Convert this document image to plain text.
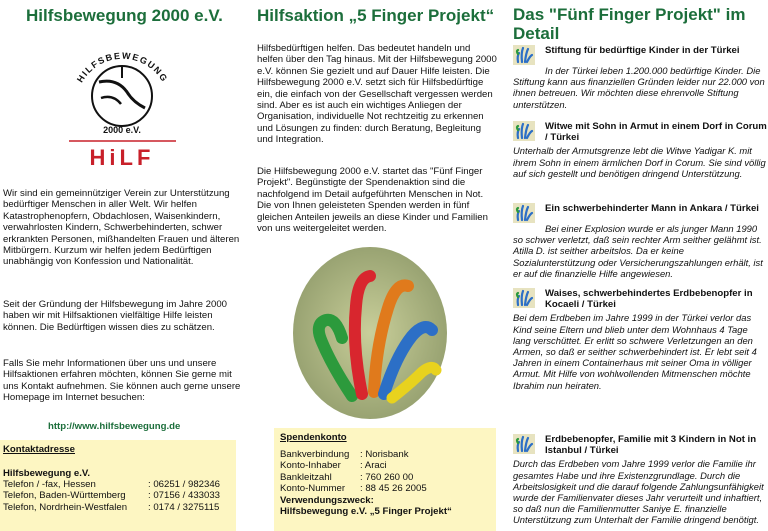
Hilfsbewegung 2000 e.V.
HILFSBEWEGUNG
2000 e.V.
HiLF

Wir sind ein gemeinnütziger Verein zur Unterstützung bedürftiger Menschen in aller Welt. Wir helfen Katastrophenopfern, Obdachlosen, Waisenkindern, verwahrlosten Kindern, Schwerbehinderten, schwer erkrankten Personen, mißhandelten Frauen und älteren Mitbürgern. Kurzum wir helfen jedem Bedürftigen unabhängig von Konfession und Nationalität.

Seit der Gründung der Hilfsbewegung im Jahre 2000 haben wir mit Hilfsaktionen vielfältige Hilfe leisten können. Die Bedürftigen wissen dies zu schätzen.

Falls Sie mehr Informationen über uns und unsere Hilfsaktionen erfahren möchten, können Sie gerne mit uns Kontakt aufnehmen. Sie können auch gerne unsere Homepage im Internet besuchen:

http://www.hilfsbewegung.de
Kontaktadresse
Hilfsbewegung e.V.
Telefon / -fax, Hessen	: 06251 / 982346
Telefon, Baden-Württemberg	: 07156 / 433033
Telefon, Nordrhein-Westfalen	: 0174 / 3275115
Hilfsaktion „5 Finger Projekt“

Hilfsbedürftigen helfen. Das bedeutet handeln und helfen über den Tag hinaus. Mit der Hilfsbewegung 2000 e.V. können Sie gezielt und auf Dauer Hilfe leisten. Die Hilfsbewegung 2000 e.V. setzt sich für Hilfsbedürftige ein, die einfach von der Gesellschaft vergessen werden sind. Aber es ist auch ein wichtiges Anliegen der Organisation, individuelle Not rechtzeitig zu erkennen und Lösungen zu finden: durch Beratung, Begleitung und Integration.

Die Hilfsbewegung 2000 e.V. startet das "Fünf Finger Projekt". Begünstigte der Spendenaktion sind die nachfolgend im Detail aufgeführten Menschen in Not. Die von Ihnen geleisteten Spenden werden in fünf gleichen Anteilen jeweils an diese Kinder und Familien von uns weitergeleitet werden.

Spendenkonto
Bankverbindung	: Norisbank
Konto-Inhaber	: Araci
Bankleitzahl	: 760 260 00
Konto-Nummer	: 88 45 26 2005
Verwendungszweck:
Hilfsbewegung e.V. „5 Finger Projekt“
Das "Fünf Finger Projekt" im Detail
Stiftung für bedürftige Kinder in der Türkei

In der Türkei leben 1.200.000 bedürftige Kinder. Die Stiftung kann aus finanziellen Gründen leider nur 22.000 von ihnen betreuen. Wir möchten diese ehrenvolle Stiftung unterstützen.

Witwe mit Sohn in Armut in einem Dorf in Corum / Türkei

Unterhalb der Armutsgrenze lebt die Witwe Yadigar K. mit ihrem Sohn in einem ärmlichen Dorf in Corum. Sie sind völlig auf sich gestellt und benötigen dringend Unterstützung.

Ein schwerbehinderter Mann in Ankara / Türkei

Bei einer Explosion wurde er als junger Mann 1990 so schwer verletzt, daß sein rechter Arm seither gelähmt ist. Atilla D. ist seither arbeitslos. Da er keine Sozialunterstützung oder Versicherungszahlungen erhält, ist er auf die finanzielle Hilfe angewiesen.

Waises, schwerbehindertes Erdbebenopfer in Kocaeli / Türkei

Bei dem Erdbeben im Jahre 1999 in der Türkei verlor das Kind seine Eltern und blieb unter dem Wohnhaus 4 Tage lang verschüttet. Er erlitt so schwere Verletzungen an den Armen, so daß er seither schwerbehindert ist. Er lebt seit 4 Jahren in einem Containerhaus mit seiner Oma in völliger Armut. Mit Hilfe von wohlwollenden Mitmenschen möchte Ibrahim nun heiraten.

Erdbebenopfer, Familie mit 3 Kindern in Not in Istanbul / Türkei

Durch das Erdbeben vom Jahre 1999 verlor die Familie ihr gesamtes Habe und ihre Existenzgrundlage. Durch die Arbeitslosigkeit und die darauf folgende Zahlungsunfähigkeit wurde der Familienvater dieses Jahr verurteilt und inhaftiert, so daß nun die Familienmutter Saniye E. finanzielle Unterstützung zum Unterhalt der Familie dringend benötigt.
